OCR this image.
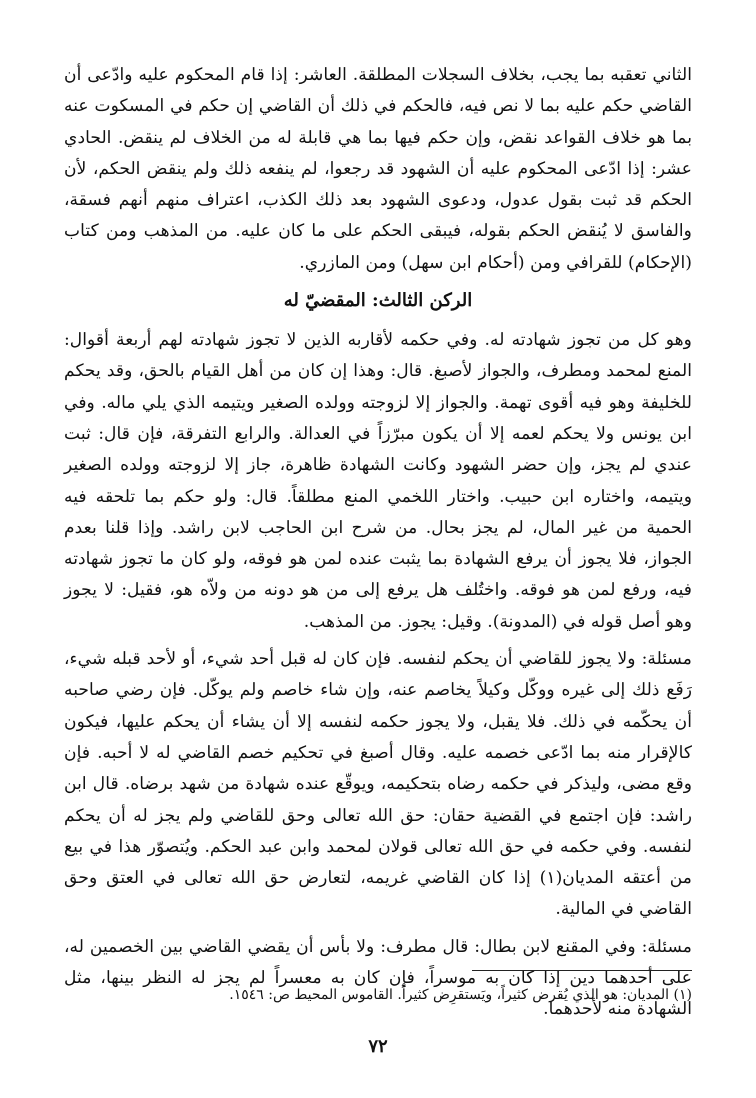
الثاني تعقبه بما يجب، بخلاف السجلات المطلقة. العاشر: إذا قام المحكوم عليه وادّعى أن القاضي حكم عليه بما لا نص فيه، فالحكم في ذلك أن القاضي إن حكم في المسكوت عنه بما هو خلاف القواعد نقض، وإن حكم فيها بما هي قابلة له من الخلاف لم ينقض. الحادي عشر: إذا ادّعى المحكوم عليه أن الشهود قد رجعوا، لم ينفعه ذلك ولم ينقض الحكم، لأن الحكم قد ثبت بقول عدول، ودعوى الشهود بعد ذلك الكذب، اعتراف منهم أنهم فسقة، والفاسق لا يُنقض الحكم بقوله، فيبقى الحكم على ما كان عليه. من المذهب ومن كتاب (الإحكام) للقرافي ومن (أحكام ابن سهل) ومن المازري.

الركن الثالث: المقضيّ له

وهو كل من تجوز شهادته له. وفي حكمه لأقاربه الذين لا تجوز شهادته لهم أربعة أقوال: المنع لمحمد ومطرف، والجواز لأصبغ. قال: وهذا إن كان من أهل القيام بالحق، وقد يحكم للخليفة وهو فيه أقوى تهمة. والجواز إلا لزوجته وولده الصغير ويتيمه الذي يلي ماله. وفي ابن يونس ولا يحكم لعمه إلا أن يكون مبرّزاً في العدالة. والرابع التفرقة، فإن قال: ثبت عندي لم يجز، وإن حضر الشهود وكانت الشهادة ظاهرة، جاز إلا لزوجته وولده الصغير ويتيمه، واختاره ابن حبيب. واختار اللخمي المنع مطلقاً. قال: ولو حكم بما تلحقه فيه الحمية من غير المال، لم يجز بحال. من شرح ابن الحاجب لابن راشد. وإذا قلنا بعدم الجواز، فلا يجوز أن يرفع الشهادة بما يثبت عنده لمن هو فوقه، ولو كان ما تجوز شهادته فيه، ورفع لمن هو فوقه. واختُلف هل يرفع إلى من هو دونه من ولاّه هو، فقيل: لا يجوز وهو أصل قوله في (المدونة). وقيل: يجوز. من المذهب.

مسئلة: ولا يجوز للقاضي أن يحكم لنفسه. فإن كان له قبل أحد شيء، أو لأحد قبله شيء، رَفَع ذلك إلى غيره ووكّل وكيلاً يخاصم عنه، وإن شاء خاصم ولم يوكّل. فإن رضي صاحبه أن يحكّمه في ذلك. فلا يقبل، ولا يجوز حكمه لنفسه إلا أن يشاء أن يحكم عليها، فيكون كالإقرار منه بما ادّعى خصمه عليه. وقال أصبغ في تحكيم خصم القاضي له لا أحبه. فإن وقع مضى، وليذكر في حكمه رضاه بتحكيمه، ويوقّع عنده شهادة من شهد برضاه. قال ابن راشد: فإن اجتمع في القضية حقان: حق الله تعالى وحق للقاضي ولم يجز له أن يحكم لنفسه. وفي حكمه في حق الله تعالى قولان لمحمد وابن عبد الحكم. ويُتصوّر هذا في بيع من أعتقه المديان(١) إذا كان القاضي غريمه، لتعارض حق الله تعالى في العتق وحق القاضي في المالية.

مسئلة: وفي المقنع لابن بطال: قال مطرف: ولا بأس أن يقضي القاضي بين الخصمين له، على أحدهما دين إذا كان به موسراً، فإن كان به معسراً لم يجز له النظر بينها، مثل الشهادة منه لأحدهما.

(١) المديان: هو الذي يُقرض كثيراً، ويَستقرِض كثيراً. القاموس المحيط ص: ١٥٤٦.
٧٢
